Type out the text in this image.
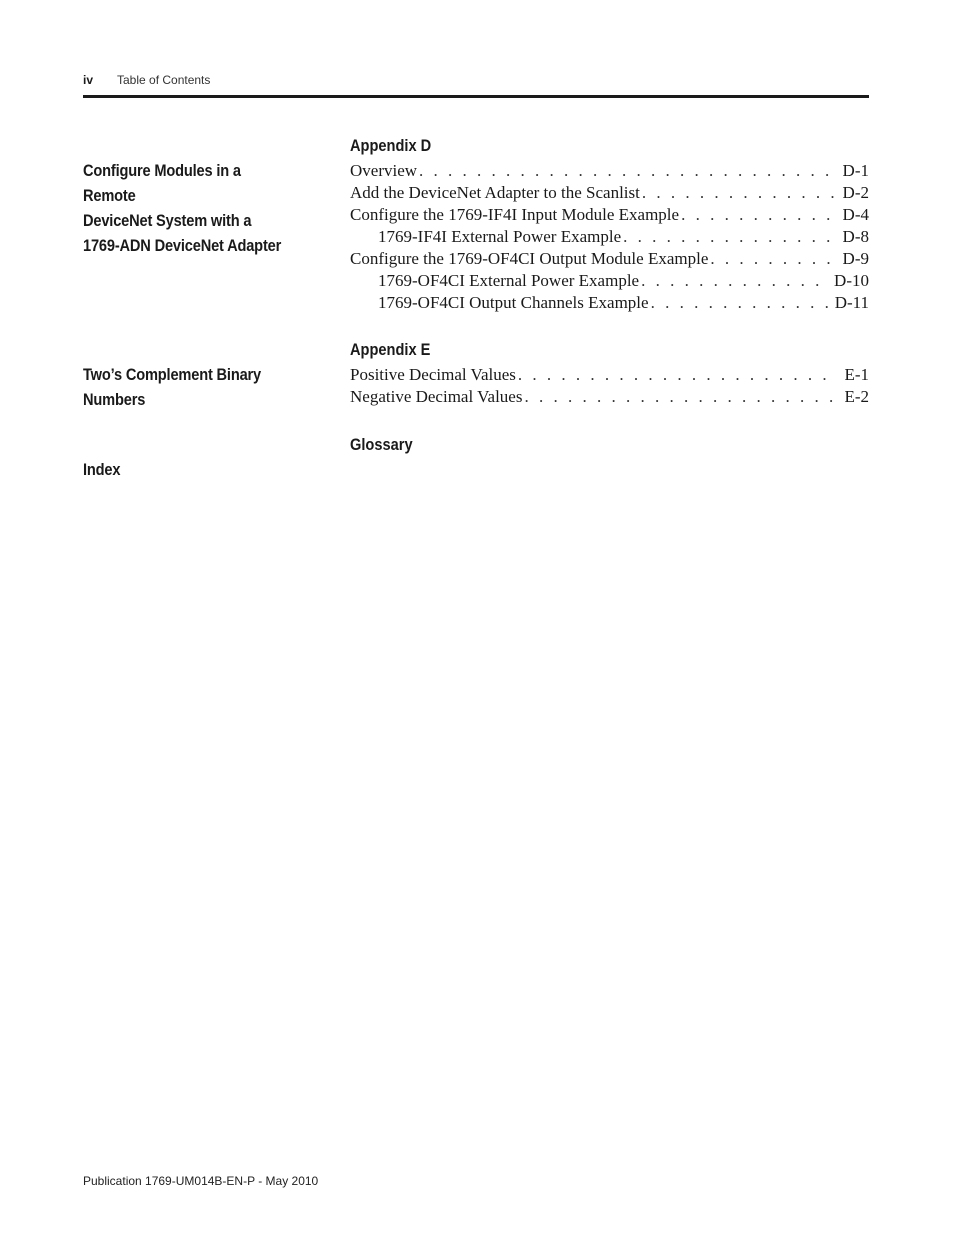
iv Table of Contents
Appendix D
Configure Modules in a Remote
DeviceNet System with a
1769-ADN DeviceNet Adapter
Overview . . .	D-1
Add the DeviceNet Adapter to the Scanlist . . .	D-2
Configure the 1769-IF4I Input Module Example . . .	D-4
1769-IF4I External Power Example . . .	D-8
Configure the 1769-OF4CI Output Module Example . . .	D-9
1769-OF4CI External Power Example . . .	D-10
1769-OF4CI Output Channels Example . . .	D-11
Appendix E
Two’s Complement Binary
Numbers
Positive Decimal Values . . .	E-1
Negative Decimal Values . . .	E-2
Glossary
Index
Publication 1769-UM014B-EN-P - May 2010
